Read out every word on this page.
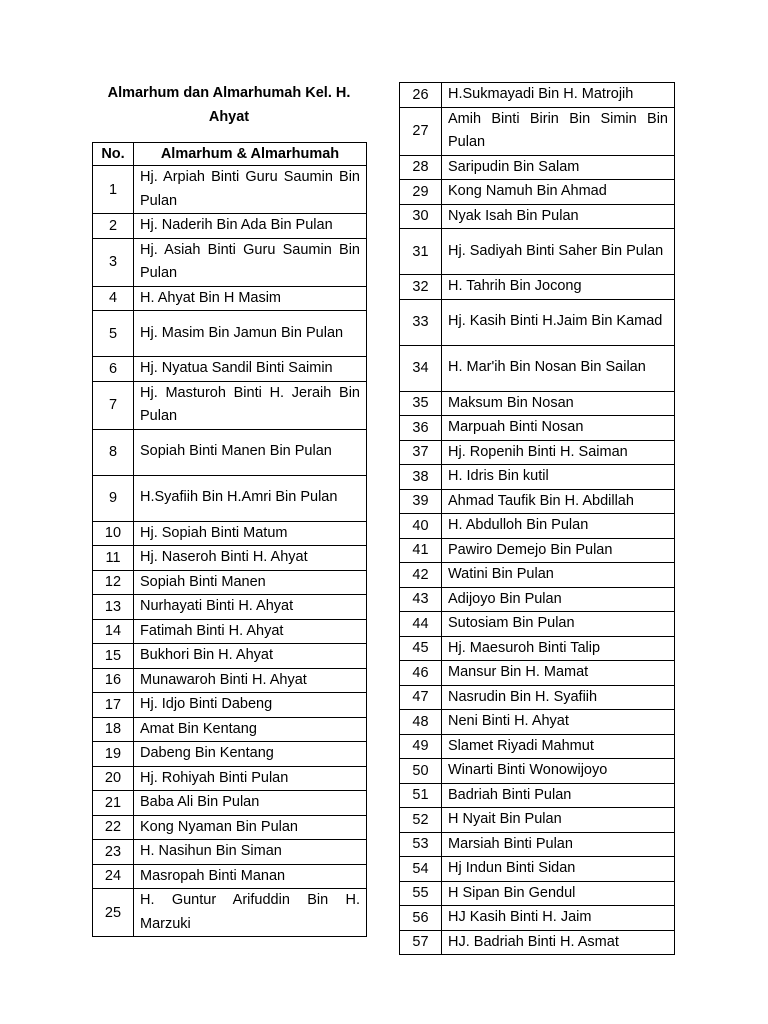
Almarhum dan Almarhumah Kel. H. Ahyat
No.	Almarhum & Almarhumah
1	Hj. Arpiah Binti Guru Saumin Bin Pulan
2	Hj. Naderih Bin Ada Bin Pulan
3	Hj. Asiah Binti Guru Saumin Bin Pulan
4	H. Ahyat Bin H Masim
5	Hj. Masim Bin Jamun Bin Pulan
6	Hj. Nyatua Sandil Binti Saimin
7	Hj. Masturoh Binti H. Jeraih Bin Pulan
8	Sopiah Binti Manen Bin Pulan
9	H.Syafiih Bin H.Amri Bin Pulan
10	Hj. Sopiah Binti Matum
11	Hj. Naseroh Binti H. Ahyat
12	Sopiah Binti Manen
13	Nurhayati Binti H. Ahyat
14	Fatimah Binti H. Ahyat
15	Bukhori Bin H. Ahyat
16	Munawaroh Binti H. Ahyat
17	Hj. Idjo Binti Dabeng
18	Amat Bin Kentang
19	Dabeng Bin Kentang
20	Hj. Rohiyah Binti Pulan
21	Baba Ali Bin Pulan
22	Kong Nyaman Bin Pulan
23	H. Nasihun Bin Siman
24	Masropah Binti Manan
25	H. Guntur Arifuddin Bin H. Marzuki
26	H.Sukmayadi Bin H. Matrojih
27	Amih Binti Birin Bin Simin Bin Pulan
28	Saripudin Bin Salam
29	Kong Namuh Bin Ahmad
30	Nyak Isah Bin Pulan
31	Hj. Sadiyah Binti Saher Bin Pulan
32	H. Tahrih Bin Jocong
33	Hj. Kasih Binti H.Jaim Bin Kamad
34	H. Mar'ih Bin Nosan Bin Sailan
35	Maksum Bin Nosan
36	Marpuah Binti Nosan
37	Hj. Ropenih Binti H. Saiman
38	H. Idris Bin kutil
39	Ahmad Taufik Bin H. Abdillah
40	H. Abdulloh Bin Pulan
41	Pawiro Demejo Bin Pulan
42	Watini Bin Pulan
43	Adijoyo Bin Pulan
44	Sutosiam Bin Pulan
45	Hj. Maesuroh Binti Talip
46	Mansur Bin H. Mamat
47	Nasrudin Bin H. Syafiih
48	Neni Binti H. Ahyat
49	Slamet Riyadi Mahmut
50	Winarti Binti Wonowijoyo
51	Badriah Binti Pulan
52	H Nyait Bin Pulan
53	Marsiah Binti Pulan
54	Hj Indun Binti Sidan
55	H Sipan Bin Gendul
56	HJ Kasih Binti H. Jaim
57	HJ. Badriah Binti H. Asmat
